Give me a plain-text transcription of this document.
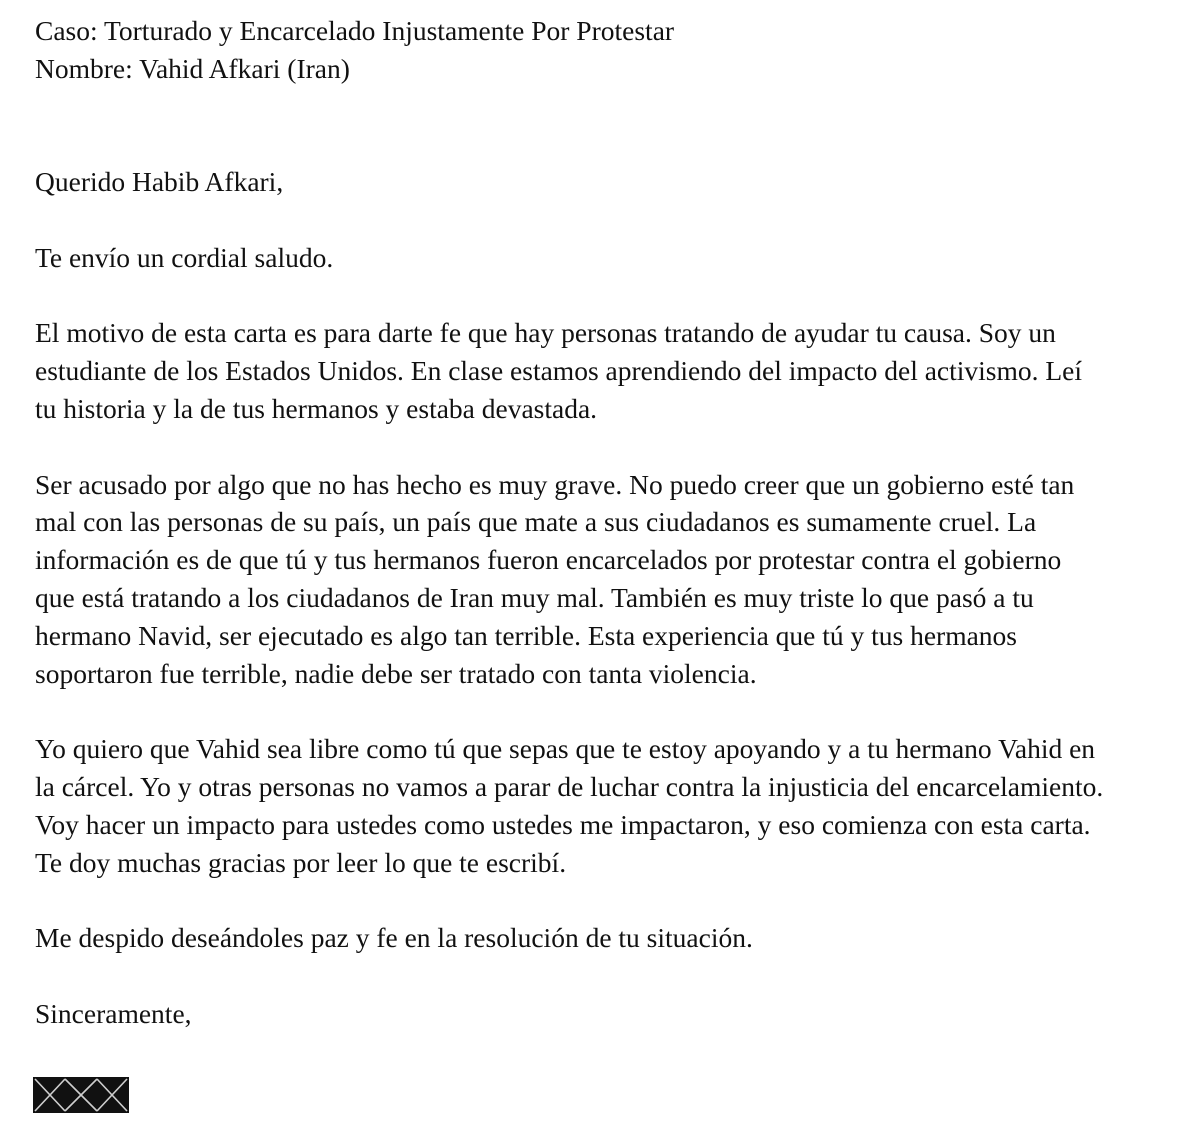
Caso: Torturado y Encarcelado Injustamente Por Protestar
Nombre: Vahid Afkari (Iran)
Querido Habib Afkari,
Te envío un cordial saludo.
El motivo de esta carta es para darte fe que hay personas tratando de ayudar tu causa. Soy un
estudiante de los Estados Unidos. En clase estamos aprendiendo del impacto del activismo. Leí
tu historia y la de tus hermanos y estaba devastada.
Ser acusado por algo que no has hecho es muy grave. No puedo creer que un gobierno esté tan
mal con las personas de su país, un país que mate a sus ciudadanos es sumamente cruel. La
información es de que tú y tus hermanos fueron encarcelados por protestar contra el gobierno
que está tratando a los ciudadanos de Iran muy mal. También es muy triste lo que pasó a tu
hermano Navid, ser ejecutado es algo tan terrible. Esta experiencia que tú y tus hermanos
soportaron fue terrible, nadie debe ser tratado con tanta violencia.
Yo quiero que Vahid sea libre como tú que sepas que te estoy apoyando y a tu hermano Vahid en
la cárcel. Yo y otras personas no vamos a parar de luchar contra la injusticia del encarcelamiento.
Voy hacer un impacto para ustedes como ustedes me impactaron, y eso comienza con esta carta.
Te doy muchas gracias por leer lo que te escribí.
Me despido deseándoles paz y fe en la resolución de tu situación.
Sinceramente,
